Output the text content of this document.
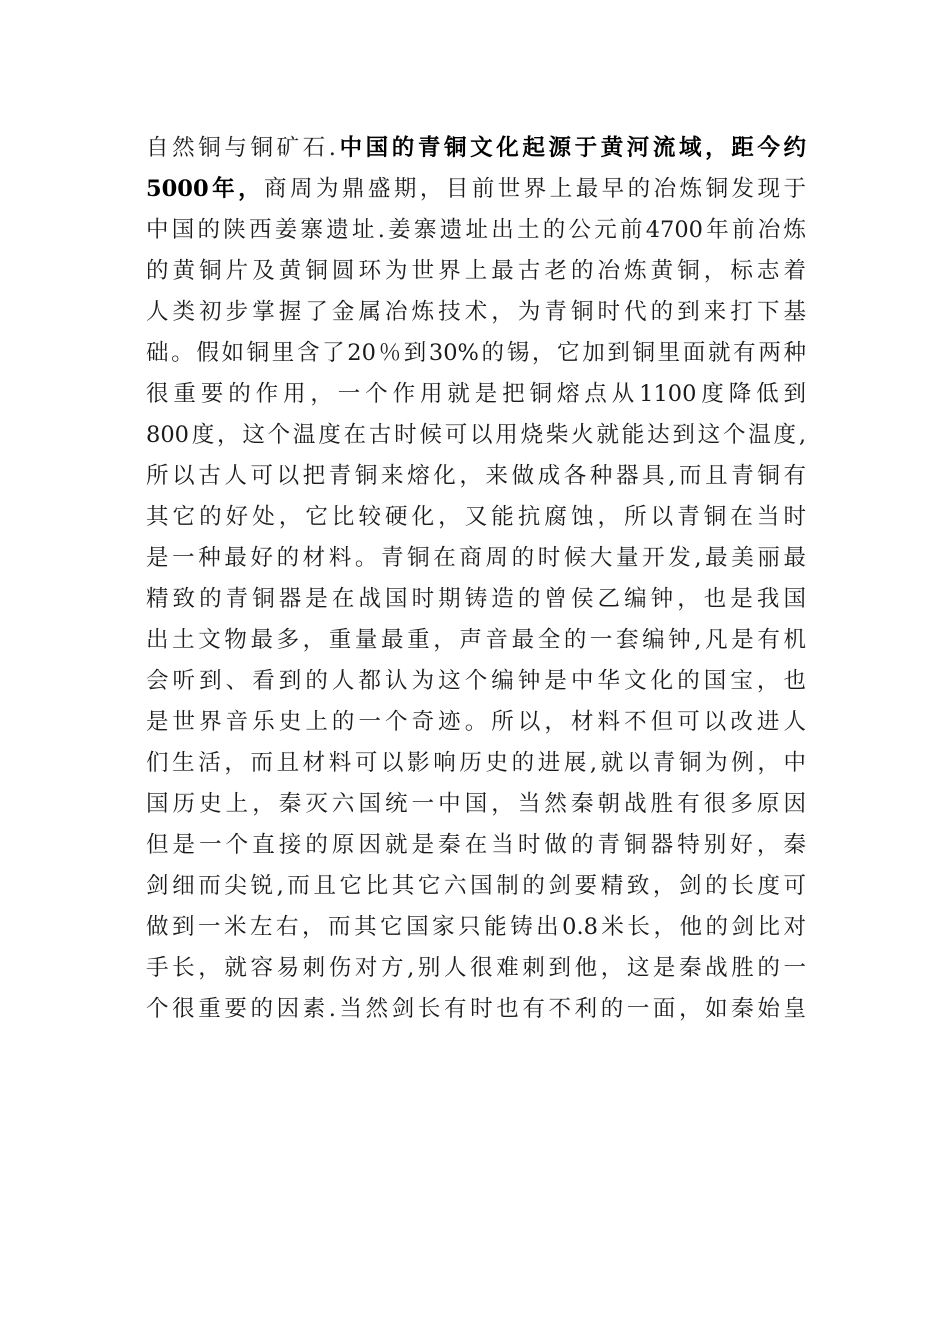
自然铜与铜矿石.中国的青铜文化起源于黄河流域，距今约
5000年，商周为鼎盛期，目前世界上最早的冶炼铜发现于
中国的陕西姜寨遗址.姜寨遗址出土的公元前4700年前冶炼
的黄铜片及黄铜圆环为世界上最古老的冶炼黄铜，标志着
人类初步掌握了金属冶炼技术，为青铜时代的到来打下基
础。假如铜里含了20％到30%的锡，它加到铜里面就有两种
很重要的作用，一个作用就是把铜熔点从1100度降低到
800度，这个温度在古时候可以用烧柴火就能达到这个温度,
所以古人可以把青铜来熔化，来做成各种器具,而且青铜有
其它的好处，它比较硬化，又能抗腐蚀，所以青铜在当时
是一种最好的材料。青铜在商周的时候大量开发,最美丽最
精致的青铜器是在战国时期铸造的曾侯乙编钟，也是我国
出土文物最多，重量最重，声音最全的一套编钟,凡是有机
会听到、看到的人都认为这个编钟是中华文化的国宝，也
是世界音乐史上的一个奇迹。所以，材料不但可以改进人
们生活，而且材料可以影响历史的进展,就以青铜为例，中
国历史上，秦灭六国统一中国，当然秦朝战胜有很多原因
但是一个直接的原因就是秦在当时做的青铜器特别好，秦
剑细而尖锐,而且它比其它六国制的剑要精致，剑的长度可
做到一米左右，而其它国家只能铸出0.8米长，他的剑比对
手长，就容易刺伤对方,别人很难刺到他，这是秦战胜的一
个很重要的因素.当然剑长有时也有不利的一面，如秦始皇
